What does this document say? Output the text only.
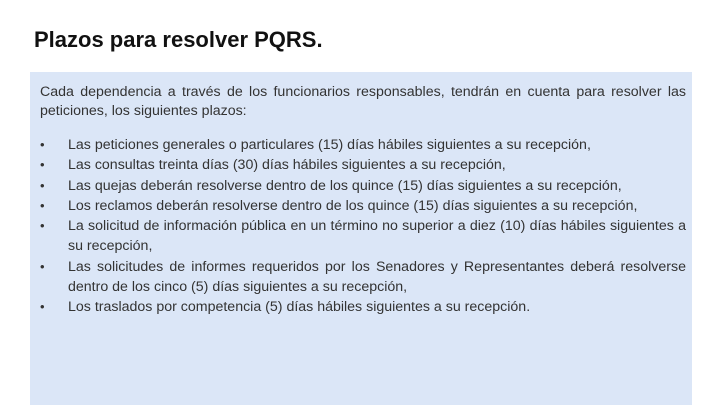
Plazos para resolver PQRS.

Cada dependencia a través de los funcionarios responsables, tendrán en cuenta para resolver las peticiones, los siguientes plazos:

• Las peticiones generales o particulares (15) días hábiles siguientes a su recepción,
• Las consultas treinta días (30) días hábiles siguientes a su recepción,
• Las quejas deberán resolverse dentro de los quince (15) días siguientes a su recepción,
• Los reclamos deberán resolverse dentro de los quince (15) días siguientes a su recepción,
• La solicitud de información pública en un término no superior a diez (10) días hábiles siguientes a su recepción,
• Las solicitudes de informes requeridos por los Senadores y Representantes deberá resolverse dentro de los cinco (5) días siguientes a su recepción,
• Los traslados por competencia (5) días hábiles siguientes a su recepción.
